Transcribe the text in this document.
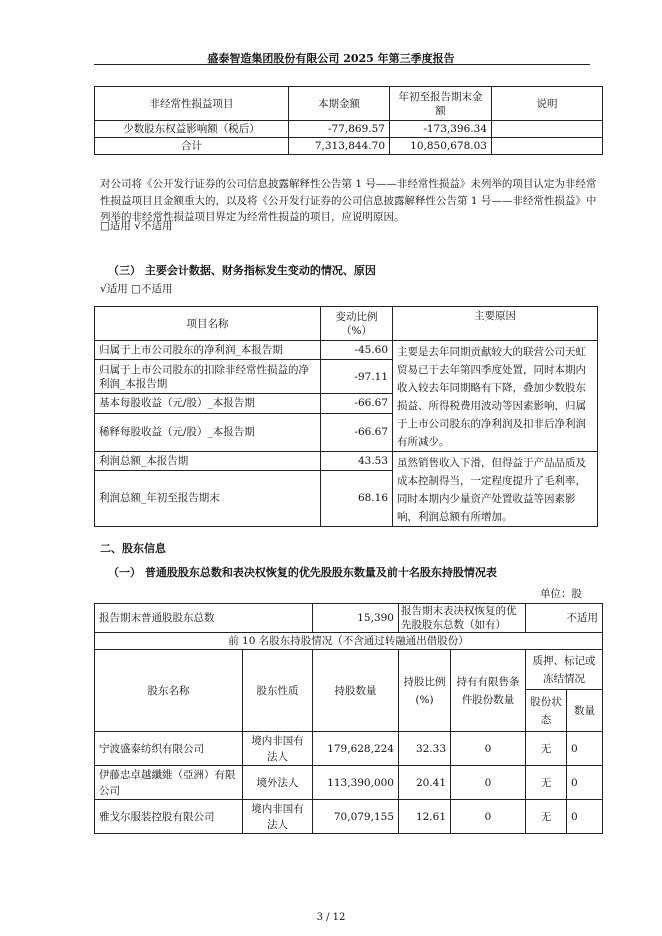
盛泰智造集团股份有限公司 2025 年第三季度报告
非经常性损益项目	本期金额	年初至报告期末金额	说明
少数股东权益影响额（税后）	-77,869.57	-173,396.34	
合计	7,313,844.70	10,850,678.03	
对公司将《公开发行证券的公司信息披露解释性公告第 1 号——非经常性损益》未列举的项目认定为非经常性损益项目且金额重大的，以及将《公开发行证券的公司信息披露解释性公告第 1 号——非经常性损益》中列举的非经常性损益项目界定为经常性损益的项目，应说明原因。
□适用 √不适用
（三） 主要会计数据、财务指标发生变动的情况、原因
√适用 □不适用
项目名称	变动比例（%）	主要原因
归属于上市公司股东的净利润_本报告期	-45.60	主要是去年同期贡献较大的联营公司天虹贸易已于去年第四季度处置，同时本期内收入较去年同期略有下降，叠加少数股东损益、所得税费用波动等因素影响，归属于上市公司股东的净利润及扣非后净利润有所减少。
归属于上市公司股东的扣除非经常性损益的净利润_本报告期	-97.11	
基本每股收益（元/股）_本报告期	-66.67	
稀释每股收益（元/股）_本报告期	-66.67	
利润总额_本报告期	43.53	虽然销售收入下滑，但得益于产品品质及成本控制得当，一定程度提升了毛利率，同时本期内少量资产处置收益等因素影响，利润总额有所增加。
利润总额_年初至报告期末	68.16	
二、股东信息
（一） 普通股股东总数和表决权恢复的优先股股东数量及前十名股东持股情况表
单位：股
报告期末普通股股东总数		15,390	报告期末表决权恢复的优先股股东总数（如有）		不适用	
前 10 名股东持股情况（不含通过转融通出借股份）						
股东名称	股东性质	持股数量	持股比例(%)	持有有限售条件股份数量	质押、标记或冻结情况	
					股份状态	数量
宁波盛泰纺织有限公司	境内非国有法人	179,628,224	32.33	0	无	0
伊藤忠卓越纖維（亞洲）有限公司	境外法人	113,390,000	20.41	0	无	0
雅戈尔服装控股有限公司	境内非国有法人	70,079,155	12.61	0	无	0
3 / 12
